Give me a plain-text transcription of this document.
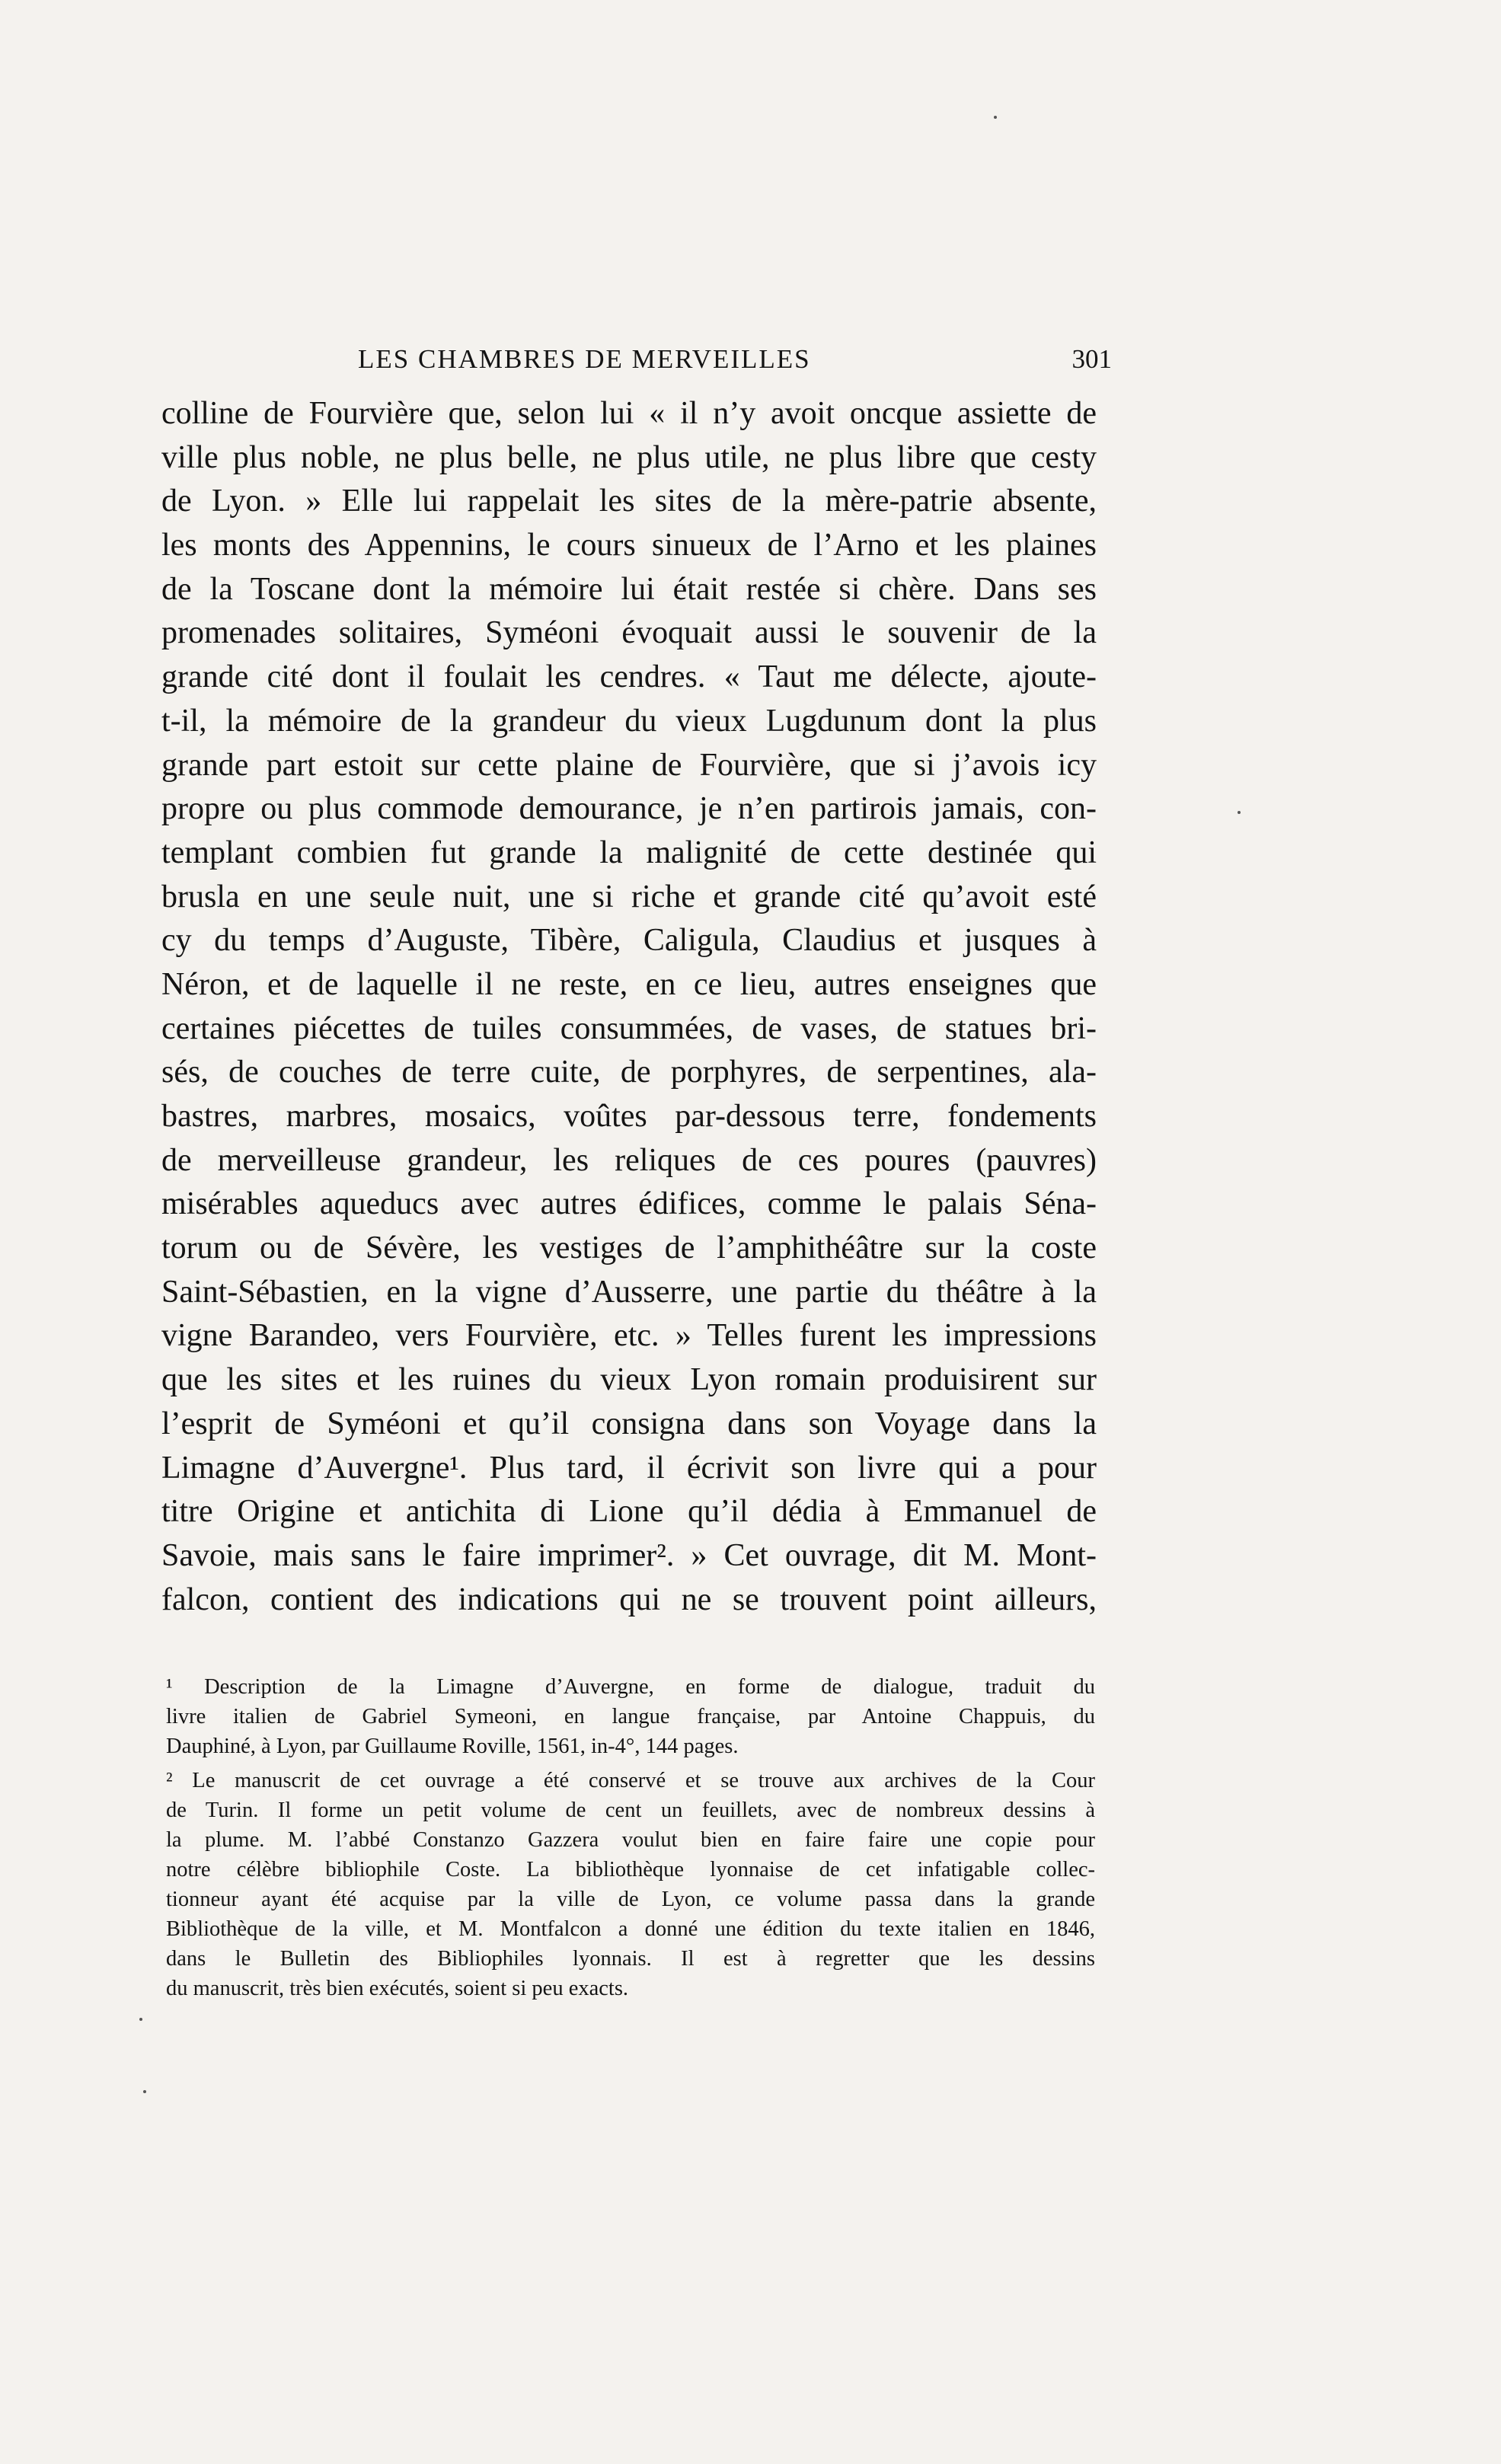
LES CHAMBRES DE MERVEILLES	301
colline de Fourvière que, selon lui « il n’y avoit oncque assiette de
ville plus noble, ne plus belle, ne plus utile, ne plus libre que cesty
de Lyon. » Elle lui rappelait les sites de la mère-patrie absente,
les monts des Appennins, le cours sinueux de l’Arno et les plaines
de la Toscane dont la mémoire lui était restée si chère. Dans ses
promenades solitaires, Syméoni évoquait aussi le souvenir de la
grande cité dont il foulait les cendres. « Taut me délecte, ajoute-
t-il, la mémoire de la grandeur du vieux Lugdunum dont la plus
grande part estoit sur cette plaine de Fourvière, que si j’avois icy
propre ou plus commode demourance, je n’en partirois jamais, con-
templant combien fut grande la malignité de cette destinée qui
brusla en une seule nuit, une si riche et grande cité qu’avoit esté
cy du temps d’Auguste, Tibère, Caligula, Claudius et jusques à
Néron, et de laquelle il ne reste, en ce lieu, autres enseignes que
certaines piécettes de tuiles consummées, de vases, de statues bri-
sés, de couches de terre cuite, de porphyres, de serpentines, ala-
bastres, marbres, mosaics, voûtes par-dessous terre, fondements
de merveilleuse grandeur, les reliques de ces poures (pauvres)
misérables aqueducs avec autres édifices, comme le palais Séna-
torum ou de Sévère, les vestiges de l’amphithéâtre sur la coste
Saint-Sébastien, en la vigne d’Ausserre, une partie du théâtre à la
vigne Barandeo, vers Fourvière, etc. » Telles furent les impressions
que les sites et les ruines du vieux Lyon romain produisirent sur
l’esprit de Syméoni et qu’il consigna dans son Voyage dans la
Limagne d’Auvergne¹. Plus tard, il écrivit son livre qui a pour
titre Origine et antichita di Lione qu’il dédia à Emmanuel de
Savoie, mais sans le faire imprimer². » Cet ouvrage, dit M. Mont-
falcon, contient des indications qui ne se trouvent point ailleurs,
¹ Description de la Limagne d’Auvergne, en forme de dialogue, traduit du
livre italien de Gabriel Symeoni, en langue française, par Antoine Chappuis, du
Dauphiné, à Lyon, par Guillaume Roville, 1561, in-4°, 144 pages.
² Le manuscrit de cet ouvrage a été conservé et se trouve aux archives de la Cour
de Turin. Il forme un petit volume de cent un feuillets, avec de nombreux dessins à
la plume. M. l’abbé Constanzo Gazzera voulut bien en faire faire une copie pour
notre célèbre bibliophile Coste. La bibliothèque lyonnaise de cet infatigable collec-
tionneur ayant été acquise par la ville de Lyon, ce volume passa dans la grande
Bibliothèque de la ville, et M. Montfalcon a donné une édition du texte italien en 1846,
dans le Bulletin des Bibliophiles lyonnais. Il est à regretter que les dessins
du manuscrit, très bien exécutés, soient si peu exacts.
